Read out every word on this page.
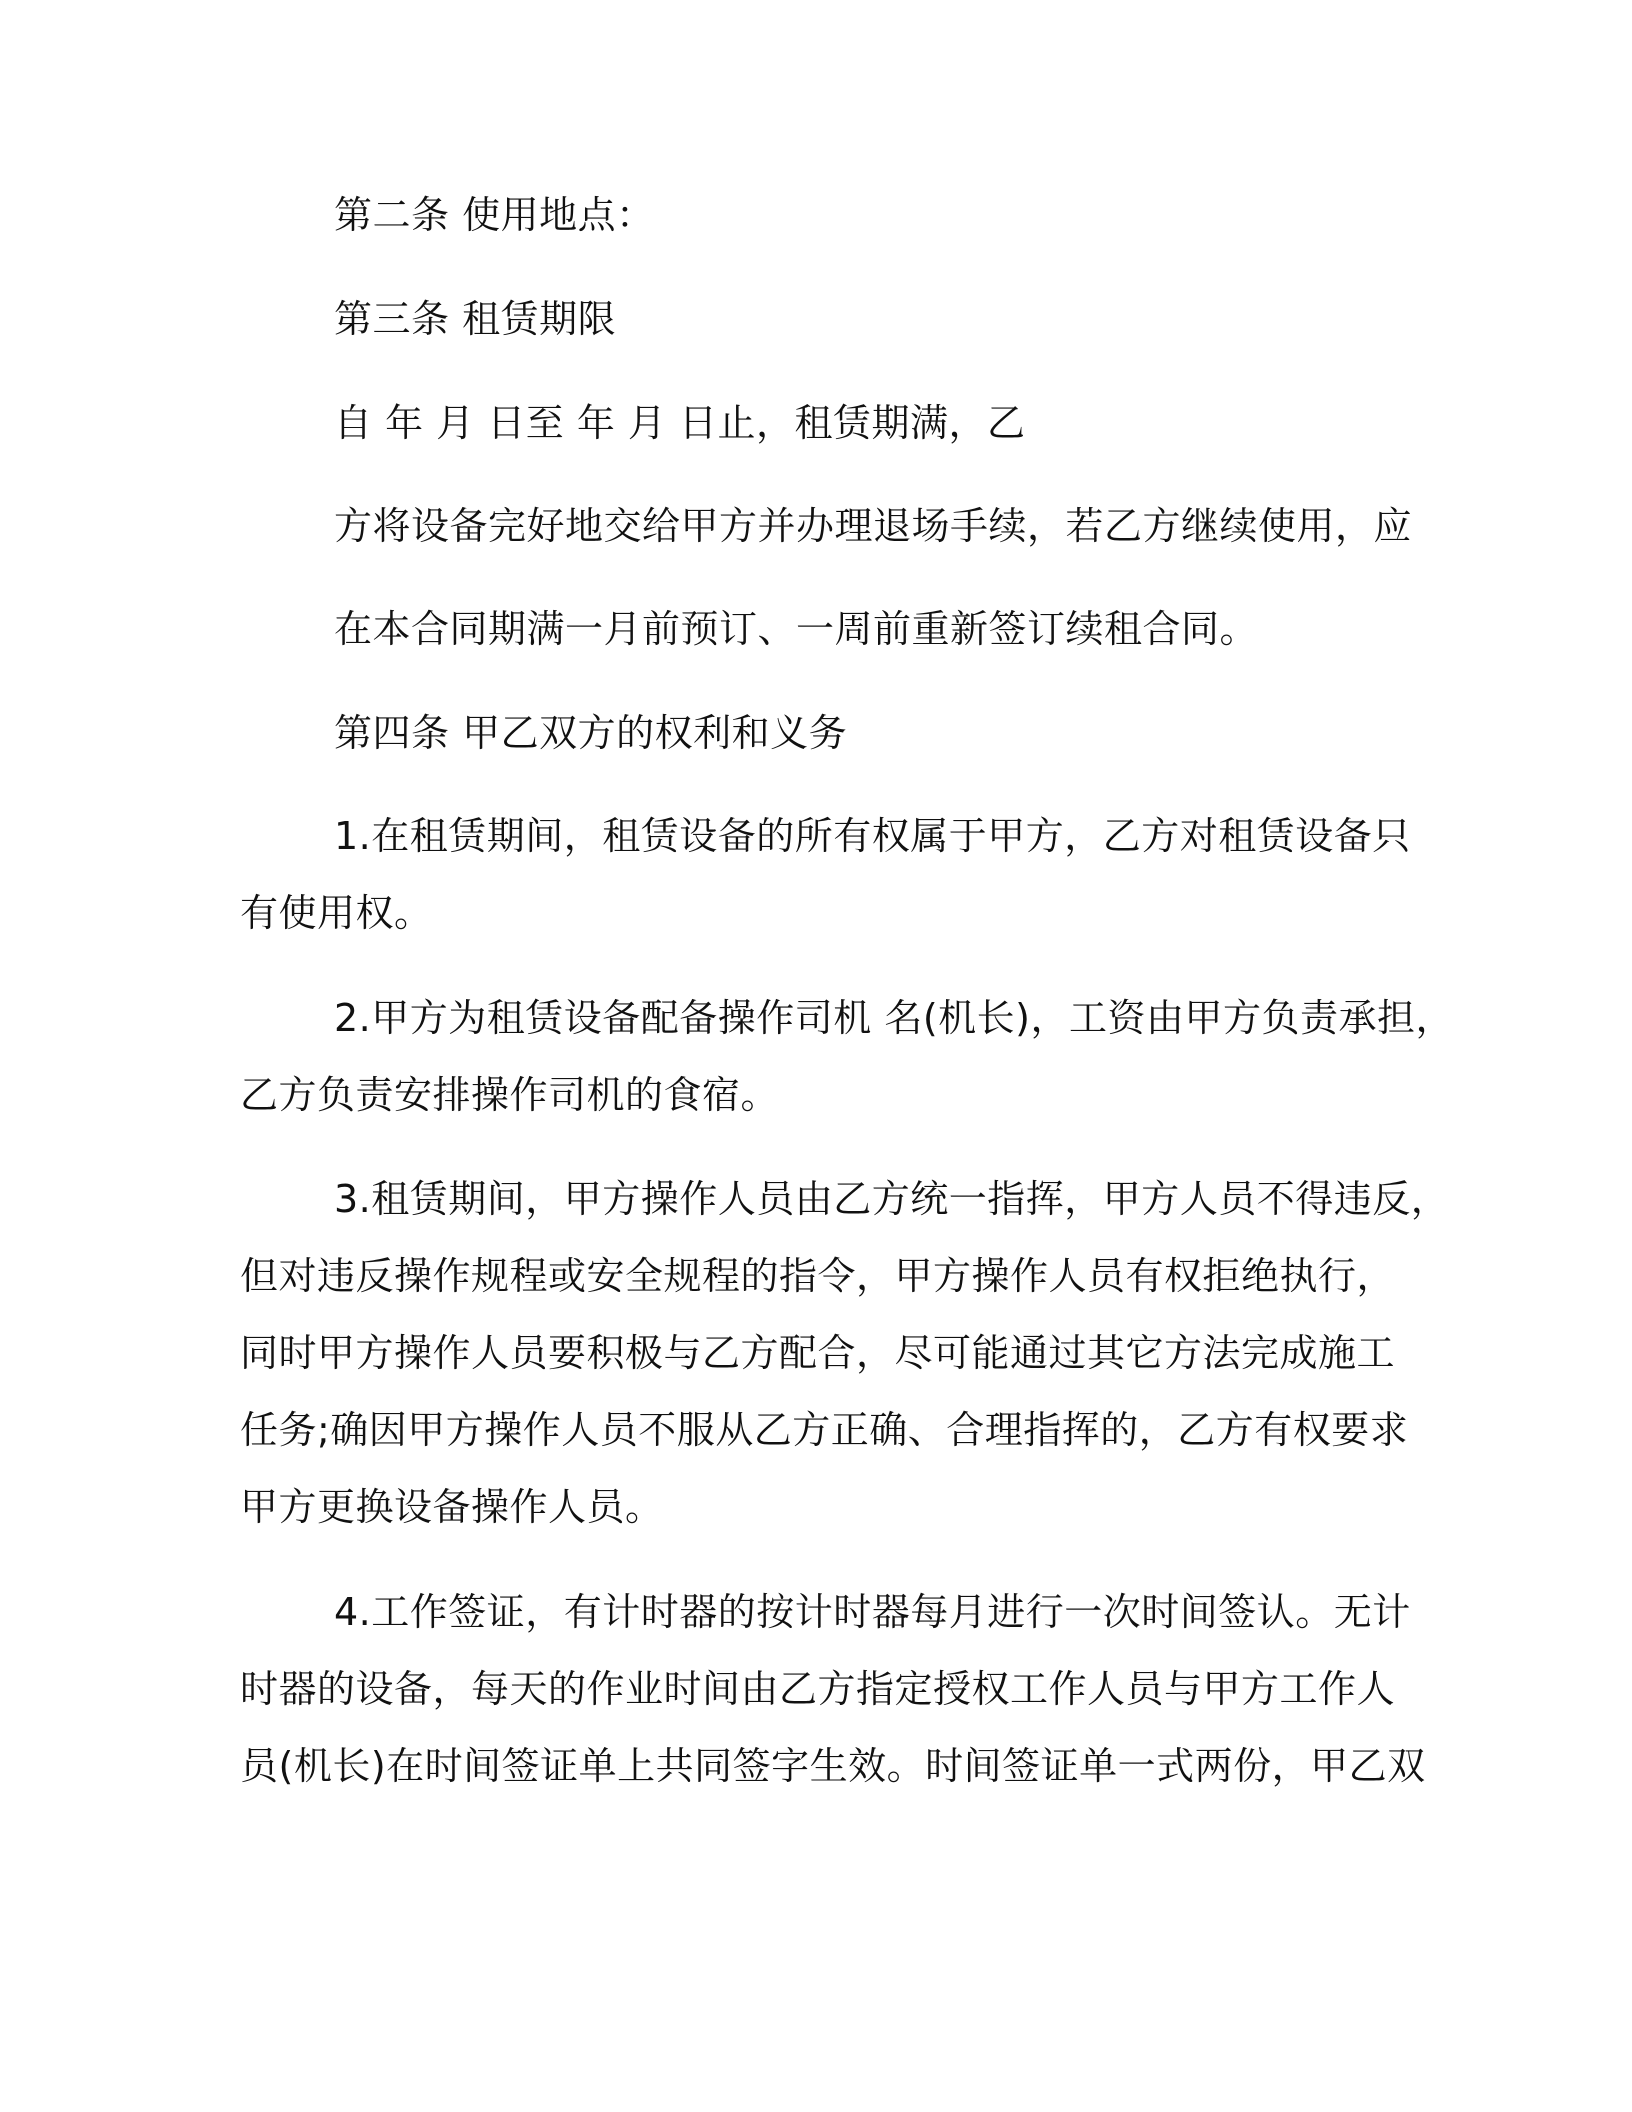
第二条 使用地点：
第三条 租赁期限
自 年 月 日至 年 月 日止，租赁期满，乙
方将设备完好地交给甲方并办理退场手续，若乙方继续使用，应
在本合同期满一月前预订、一周前重新签订续租合同。
第四条 甲乙双方的权利和义务
1.在租赁期间，租赁设备的所有权属于甲方，乙方对租赁设备只
有使用权。
2.甲方为租赁设备配备操作司机 名(机长)，工资由甲方负责承担，
乙方负责安排操作司机的食宿。
3.租赁期间，甲方操作人员由乙方统一指挥，甲方人员不得违反，
但对违反操作规程或安全规程的指令，甲方操作人员有权拒绝执行，
同时甲方操作人员要积极与乙方配合，尽可能通过其它方法完成施工
任务;确因甲方操作人员不服从乙方正确、合理指挥的，乙方有权要求
甲方更换设备操作人员。
4.工作签证，有计时器的按计时器每月进行一次时间签认。无计
时器的设备，每天的作业时间由乙方指定授权工作人员与甲方工作人
员(机长)在时间签证单上共同签字生效。时间签证单一式两份，甲乙双
